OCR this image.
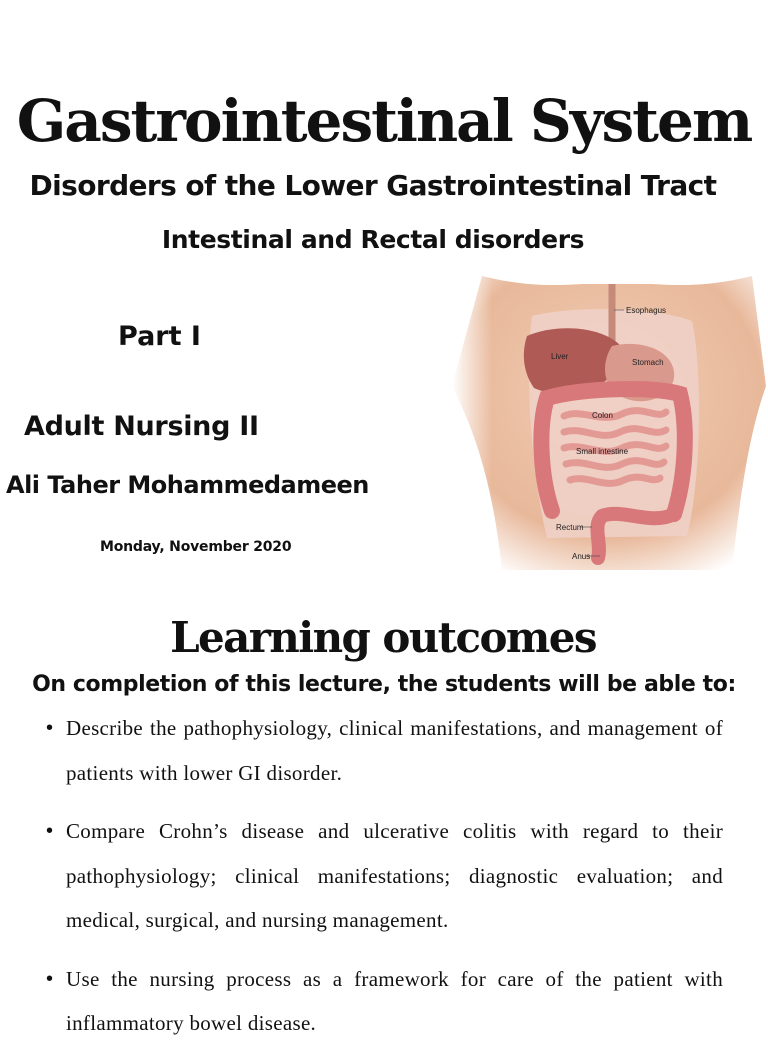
Gastrointestinal System
Disorders of the Lower Gastrointestinal Tract
Intestinal and Rectal disorders
Part I
Adult Nursing II
Ali Taher Mohammedameen
Monday, November 2020
Esophagus
Liver
Stomach
Colon
Small intestine
Rectum
Anus
Learning outcomes

On completion of this lecture, the students will be able to:

• Describe the pathophysiology, clinical manifestations, and management of patients with lower GI disorder.
• Compare Crohn’s disease and ulcerative colitis with regard to their pathophysiology; clinical manifestations; diagnostic evaluation; and medical, surgical, and nursing management.
• Use the nursing process as a framework for care of the patient with inflammatory bowel disease.
